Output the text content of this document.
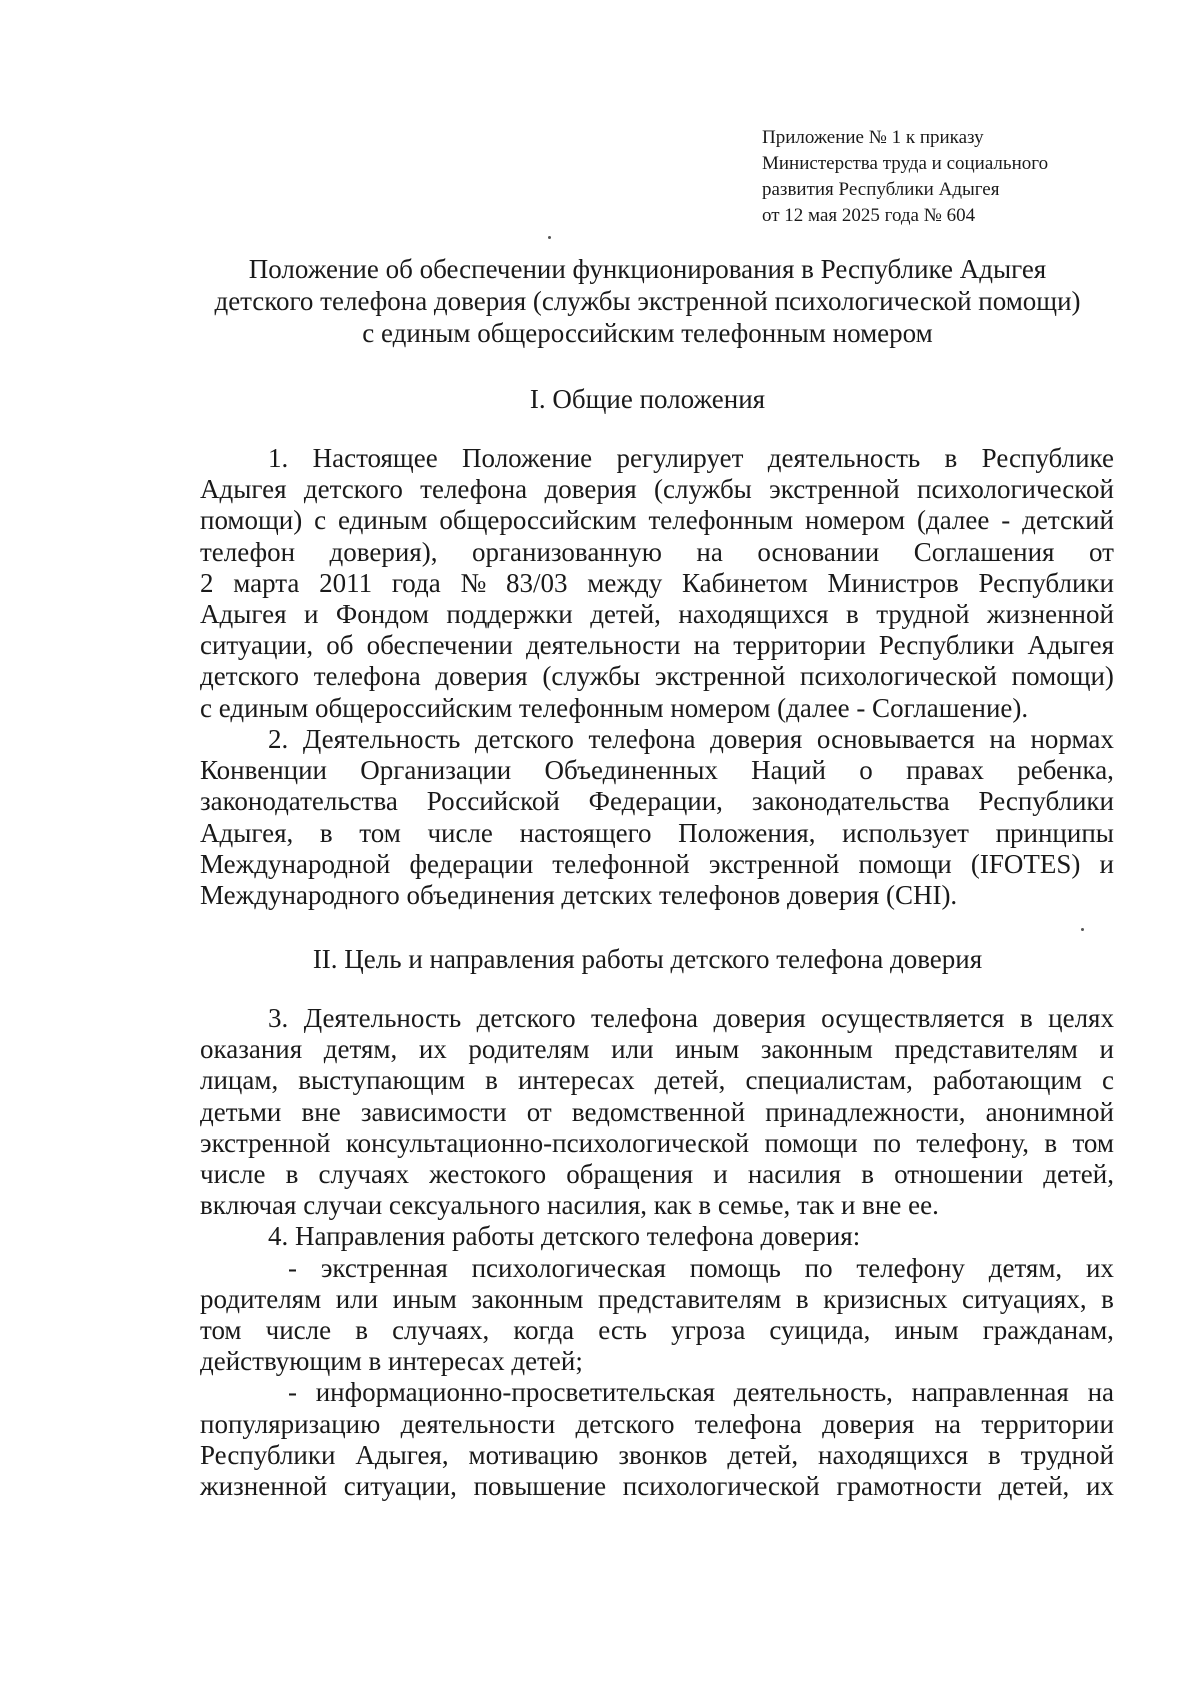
Приложение № 1 к приказу
Министерства труда и социального
развития Республики Адыгея
от 12 мая 2025 года № 604
Положение об обеспечении функционирования в Республике Адыгея
детского телефона доверия (службы экстренной психологической помощи)
с единым общероссийским телефонным номером
I. Общие положения
1. Настоящее Положение регулирует деятельность в Республике
Адыгея детского телефона доверия (службы экстренной психологической
помощи) с единым общероссийским телефонным номером (далее - детский
телефон доверия), организованную на основании Соглашения от
2 марта 2011 года № 83/03 между Кабинетом Министров Республики
Адыгея и Фондом поддержки детей, находящихся в трудной жизненной
ситуации, об обеспечении деятельности на территории Республики Адыгея
детского телефона доверия (службы экстренной психологической помощи)
с единым общероссийским телефонным номером (далее - Соглашение).
2. Деятельность детского телефона доверия основывается на нормах
Конвенции Организации Объединенных Наций о правах ребенка,
законодательства Российской Федерации, законодательства Республики
Адыгея, в том числе настоящего Положения, использует принципы
Международной федерации телефонной экстренной помощи (IFOTES) и
Международного объединения детских телефонов доверия (CHI).
II. Цель и направления работы детского телефона доверия
3. Деятельность детского телефона доверия осуществляется в целях
оказания детям, их родителям или иным законным представителям и
лицам, выступающим в интересах детей, специалистам, работающим с
детьми вне зависимости от ведомственной принадлежности, анонимной
экстренной консультационно-психологической помощи по телефону, в том
числе в случаях жестокого обращения и насилия в отношении детей,
включая случаи сексуального насилия, как в семье, так и вне ее.
4. Направления работы детского телефона доверия:
- экстренная психологическая помощь по телефону детям, их
родителям или иным законным представителям в кризисных ситуациях, в
том числе в случаях, когда есть угроза суицида, иным гражданам,
действующим в интересах детей;
- информационно-просветительская деятельность, направленная на
популяризацию деятельности детского телефона доверия на территории
Республики Адыгея, мотивацию звонков детей, находящихся в трудной
жизненной ситуации, повышение психологической грамотности детей, их
